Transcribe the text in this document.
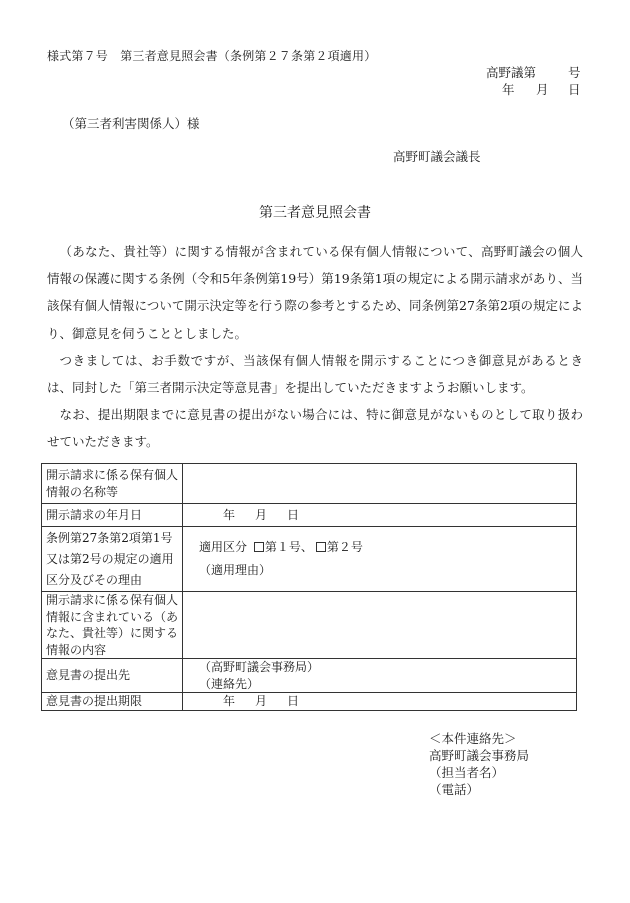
様式第７号　第三者意見照会書（条例第２７条第２項適用）
高野議第	号
年 月 日
（第三者利害関係人）様
高野町議会議長
第三者意見照会書

（あなた、貴社等）に関する情報が含まれている保有個人情報について、高野町議会の個人情報の保護に関する条例（令和5年条例第19号）第19条第1項の規定による開示請求があり、当該保有個人情報について開示決定等を行う際の参考とするため、同条例第27条第2項の規定により、御意見を伺うこととしました。

つきましては、お手数ですが、当該保有個人情報を開示することにつき御意見があるときは、同封した「第三者開示決定等意見書」を提出していただきますようお願いします。

なお、提出期限までに意見書の提出がない場合には、特に御意見がないものとして取り扱わせていただきます。

開示請求に係る保有個人情報の名称等	
開示請求の年月日	年 月 日
条例第27条第2項第1号又は第2号の規定の適用区分及びその理由	適用区分 第１号、 第２号

（適用理由）

開示請求に係る保有個人情報に含まれている（あなた、貴社等）に関する情報の内容	
意見書の提出先	（高野町議会事務局）

（連絡先）

意見書の提出期限	年 月 日
＜本件連絡先＞
高野町議会事務局
（担当者名）
（電話）
